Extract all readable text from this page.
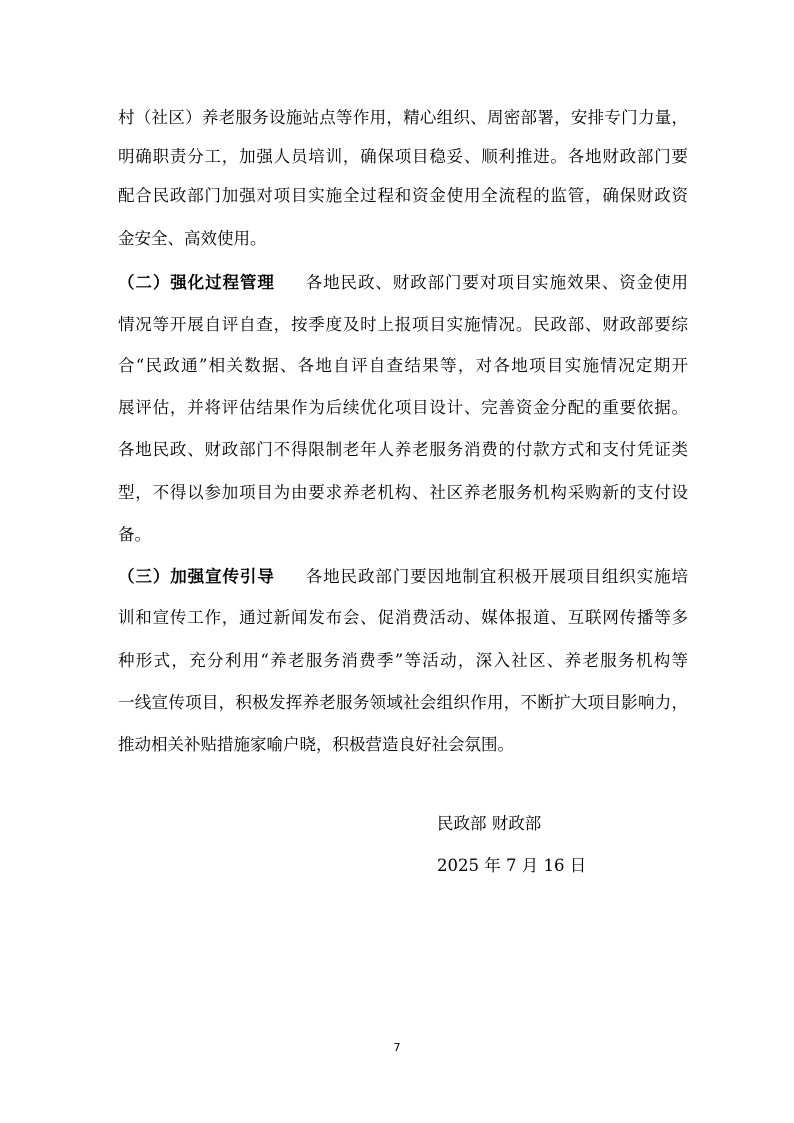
村（社区）养老服务设施站点等作用，精心组织、周密部署，安排专门力量，
明确职责分工，加强人员培训，确保项目稳妥、顺利推进。各地财政部门要
配合民政部门加强对项目实施全过程和资金使用全流程的监管，确保财政资
金安全、高效使用。
（二）强化过程管理 各地民政、财政部门要对项目实施效果、资金使用
情况等开展自评自查，按季度及时上报项目实施情况。民政部、财政部要综
合“民政通”相关数据、各地自评自查结果等，对各地项目实施情况定期开
展评估，并将评估结果作为后续优化项目设计、完善资金分配的重要依据。
各地民政、财政部门不得限制老年人养老服务消费的付款方式和支付凭证类
型，不得以参加项目为由要求养老机构、社区养老服务机构采购新的支付设
备。
（三）加强宣传引导 各地民政部门要因地制宜积极开展项目组织实施培
训和宣传工作，通过新闻发布会、促消费活动、媒体报道、互联网传播等多
种形式，充分利用“养老服务消费季”等活动，深入社区、养老服务机构等
一线宣传项目，积极发挥养老服务领域社会组织作用，不断扩大项目影响力，
推动相关补贴措施家喻户晓，积极营造良好社会氛围。
民政部 财政部
2025 年 7 月 16 日
7
